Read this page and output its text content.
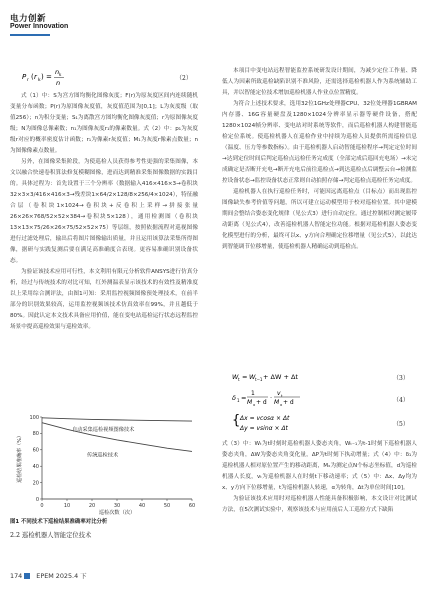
电力创新
Power Innovation
P r ( r k ) =
n k
n
（2）

式（1）中：S为宫方图均衡化图像灰度；F(r)为原灰度区间内连续随机变量分布函数；P(r)为原图像灰度值，灰度值范围为[0,1]；L为灰度级（取值256）；n为积分变量；S₁为离散宫方图均衡化图像灰度值；r为原图像灰度级；N为图像总像素数；n₁为图像灰度r₁的像素数量。式（2）中：p₁为灰度级r对应的概率密度估计函数；r₁为像素r灰度值；M₁为灰度r像素点数量；n为图像像素点数量。

另外，在图像采集阶段，为使巡检人员获得参考性更强的采集图像，本文以融合快速卷积算法修复模糊图像，进而达到精准采集图像数据的实践目的。具体过程为：首先设置于三个分辨率（数据输入416×416×3→卷积块32×3×3/416×416×3→残差块1×64/2×128/8×256/4×1024），特征融合层（卷积块1×1024→卷积块+反卷积上采样→拼接张量26×26×768/52×52×384→卷积块5×128），通用检测图（卷积块13×13×75/26×26×75/52×52×75）等层组，按照依据流程对巡视图像进行过滤处理后，输出后将图片图像输出质量，并且运用该算法采集所得图像，据研与实践复测后要在满足高准确度合表现。更容易准确识别设备状态。

为验证该技术应用可行性，本文利用有限元分析软件ANSYS进行仿真分析，经过与传统技术的对比可知，红外测温表显示该技术的有效性及精准度以上采用综合测评法，由图1可知：采用监控视频图像预处理技术，在前半部分的识别效果较高，运用监控视频该技术仿真效率在99%，并且越低于80%。因此认定本文技术具备应用价值，能在变电站巡检运行状态远程监控场景中提高巡检效果与巡检效率。

0
20
40
60
80
100
0	10	20	30	40	50	60
巡检次数（次）
巡检结果准确率（%）
自动采集巡检视频图像技术
传统巡检技术
图1 不同技术下巡检结果准确率对比分析
2.2 巡检机器人智能定位技术

本项目中变电站远程智能监控系统研发设计期间，为减少定位工作量、降低人为因素所致巡检缺陷识别不准风险，还需选择巡检机器人作为系统辅助工具，并以智能定位技术增加巡检机器人作业点位置精度。

为符合上述技术要求，选用32位1GHz处理器CPU、32位处理器1GBRAM内存器、16G容量硬盘及1280×1024分辨率显示器等硬件设备，搭配1280×1024帧分辨率、变电站对时系统等软件，而后巡检机器人构建智能巡检定位系统。使巡检机器人在巡检作业中持续为巡检人员提供所需巡检信息（温度、压力等参数指标）。由于巡检机器人启动智能巡检程序→判定定位时间→达到定位时间后判定巡检点远检任务完成度（全部完成后巡回充电场）→未完成确定是否断开充电→断开充电后前往巡检点→到达巡检点后调整云台→检测监控设备状态→监控设备状态正常则自动拍照存储→判定巡检点巡检任务完成度。

巡检机器人在执行巡检任务时，可能因远离巡检点（目标点）而出现监控图像缺失参考价值等问题，所以可建立运动模型用于校对巡检位置。其中建模期间会整结合姿态变化规律（见公式3）进行自动定位。通过控制相对测定履带动距离（见公式4），改善巡检机器人智能定位功能。根据对巡检机器人姿态变化模型进行的分析，最终可以x、y方向合理确定位移增量（见公式5），以此达到智能调节位移增量，使巡检机器人精确运动到巡检点。

W t = W t−1 + ΔW + Δt
δ 1 =
1
M x + d
·
v t
M x + d
{ Δx = vcosα × Δt
Δy = vsinα × Δt
（3）
（4）
（5）

式（3）中：Wₜ为t时刻时巡检机器人姿态夹角，Wₜ₋₁为t-1时刻下巡检机器人姿态夹角，ΔW为姿态夹角变化量，ΔP为t时刻下执动增量；式（4）中：δ₁为巡检机器人相对原位置产生的移动距离，Mₓ为测定点N个标志坐标值，d为巡检机器人长度，vₜ为巡检机器人在时刻t下移动速率；式（5）中：Δx、Δy均为x、y方向下位移增量，t为巡检机器人转速，α为转角，Δt为单位时间[10]。

为验证该技术应用时对巡检机器人性能具备积极影响，本文设计对比测试方法，在5次测试实验中，观察该技术与应用前后人工巡检方式下缺陷

174 EPEM 2025.4 下
